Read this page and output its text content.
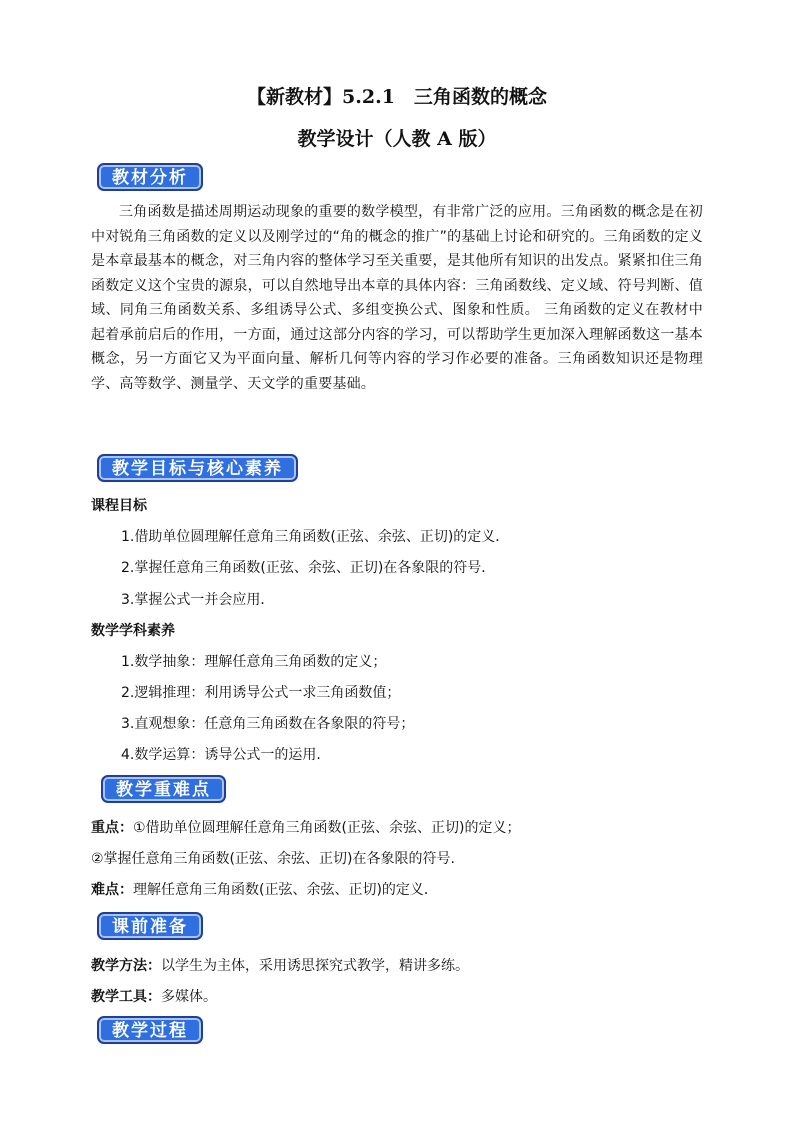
【新教材】5.2.1　三角函数的概念
教学设计（人教 A 版）
教材分析
三角函数是描述周期运动现象的重要的数学模型，有非常广泛的应用。三角函数的概念是在初中对锐角三角函数的定义以及刚学过的“角的概念的推广”的基础上讨论和研究的。三角函数的定义是本章最基本的概念，对三角内容的整体学习至关重要，是其他所有知识的出发点。紧紧扣住三角函数定义这个宝贵的源泉，可以自然地导出本章的具体内容：三角函数线、定义域、符号判断、值域、同角三角函数关系、多组诱导公式、多组变换公式、图象和性质。 三角函数的定义在教材中起着承前启后的作用，一方面，通过这部分内容的学习，可以帮助学生更加深入理解函数这一基本概念，另一方面它又为平面向量、解析几何等内容的学习作必要的准备。三角函数知识还是物理学、高等数学、测量学、天文学的重要基础。
教学目标与核心素养
课程目标
1.借助单位圆理解任意角三角函数(正弦、余弦、正切)的定义．
2.掌握任意角三角函数(正弦、余弦、正切)在各象限的符号．
3.掌握公式一并会应用．
数学学科素养
1.数学抽象：理解任意角三角函数的定义；
2.逻辑推理：利用诱导公式一求三角函数值；
3.直观想象：任意角三角函数在各象限的符号；
4.数学运算：诱导公式一的运用.
教学重难点
重点：①借助单位圆理解任意角三角函数(正弦、余弦、正切)的定义；
②掌握任意角三角函数(正弦、余弦、正切)在各象限的符号.
难点：理解任意角三角函数(正弦、余弦、正切)的定义．
课前准备
教学方法：以学生为主体，采用诱思探究式教学，精讲多练。
教学工具：多媒体。
教学过程
